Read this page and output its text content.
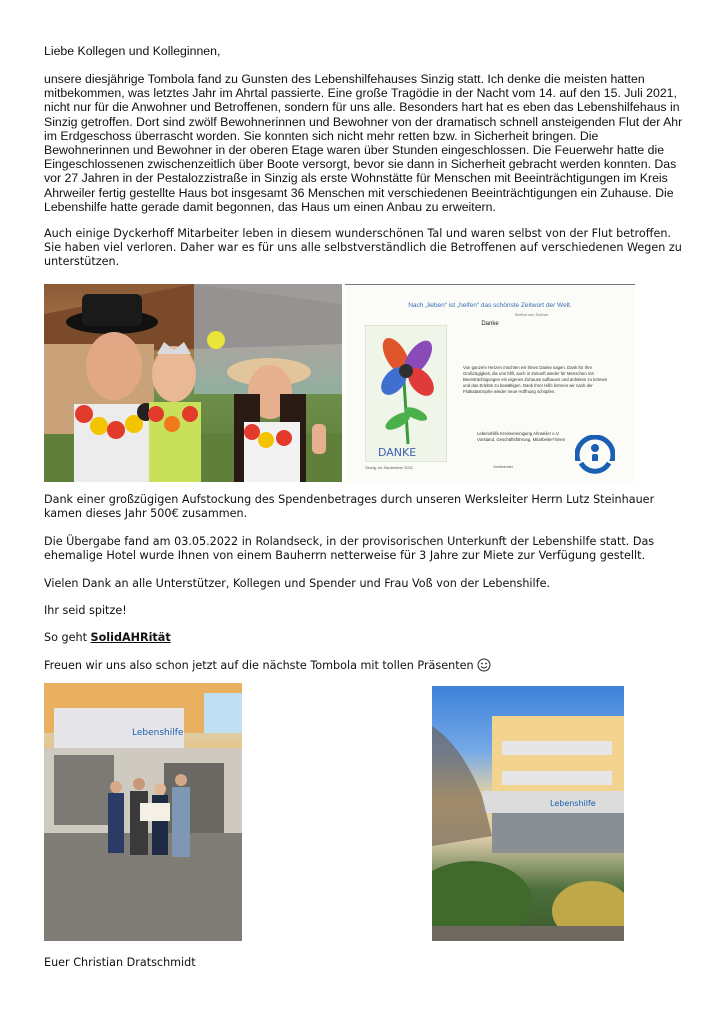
Liebe Kollegen und Kolleginnen,

unsere diesjährige Tombola fand zu Gunsten des Lebenshilfehauses Sinzig statt. Ich denke die meisten hatten mitbekommen, was letztes Jahr im Ahrtal passierte. Eine große Tragödie in der Nacht vom 14. auf den 15. Juli 2021, nicht nur für die Anwohner und Betroffenen, sondern für uns alle. Besonders hart hat es eben das Lebenshilfehaus in Sinzig getroffen. Dort sind zwölf Bewohnerinnen und Bewohner von der dramatisch schnell ansteigenden Flut der Ahr im Erdgeschoss überrascht worden. Sie konnten sich nicht mehr retten bzw. in Sicherheit bringen. Die Bewohnerinnen und Bewohner in der oberen Etage waren über Stunden eingeschlossen. Die Feuerwehr hatte die Eingeschlossenen zwischenzeitlich über Boote versorgt, bevor sie dann in Sicherheit gebracht werden konnten. Das vor 27 Jahren in der Pestalozzistraße in Sinzig als erste Wohnstätte für Menschen mit Beeinträchtigungen im Kreis Ahrweiler fertig gestellte Haus bot insgesamt 36 Menschen mit verschiedenen Beeinträchtigungen ein Zuhause. Die Lebenshilfe hatte gerade damit begonnen, das Haus um einen Anbau zu erweitern.

Auch einige Dyckerhoff Mitarbeiter leben in diesem wunderschönen Tal und waren selbst von der Flut betroffen. Sie haben viel verloren. Daher war es für uns alle selbstverständlich die Betroffenen auf verschiedenen Wegen zu unterstützen.

Nach „lieben“ ist „helfen“ das schönste Zeitwort der Welt.
Bertha von Suttner
Danke
DANKE
Von ganzem Herzen möchten wir Ihnen Danke sagen. Dank für Ihre Großzügigkeit, die uns hilft, auch in Zukunft wieder für Menschen mit Beeinträchtigungen ein eigenes Zuhause aufbauen und anbieten zu können und das Erlebte zu bewältigen. Dank Ihrer Hilfe können wir nach der Flutkatastrophe wieder neue Hoffnung schöpfen.
Lebenshilfe Kreisvereinigung Ahrweiler e.V.
Vorstand, Geschäftsführung, Mitarbeiter*innen
Sinzig, im September 2021	Vorsitzender

Dank einer großzügigen Aufstockung des Spendenbetrages durch unseren Werksleiter Herrn Lutz Steinhauer kamen dieses Jahr 500€ zusammen.

Die Übergabe fand am 03.05.2022 in Rolandseck, in der provisorischen Unterkunft der Lebenshilfe statt. Das ehemalige Hotel wurde Ihnen von einem Bauherrn netterweise für 3 Jahre zur Miete zur Verfügung gestellt.

Vielen Dank an alle Unterstützer, Kollegen und Spender und Frau Voß von der Lebenshilfe.

Ihr seid spitze!

So geht SolidAHRität

Freuen wir uns also schon jetzt auf die nächste Tombola mit tollen Präsenten

Lebenshilfe
Lebenshilfe

Euer Christian Dratschmidt
